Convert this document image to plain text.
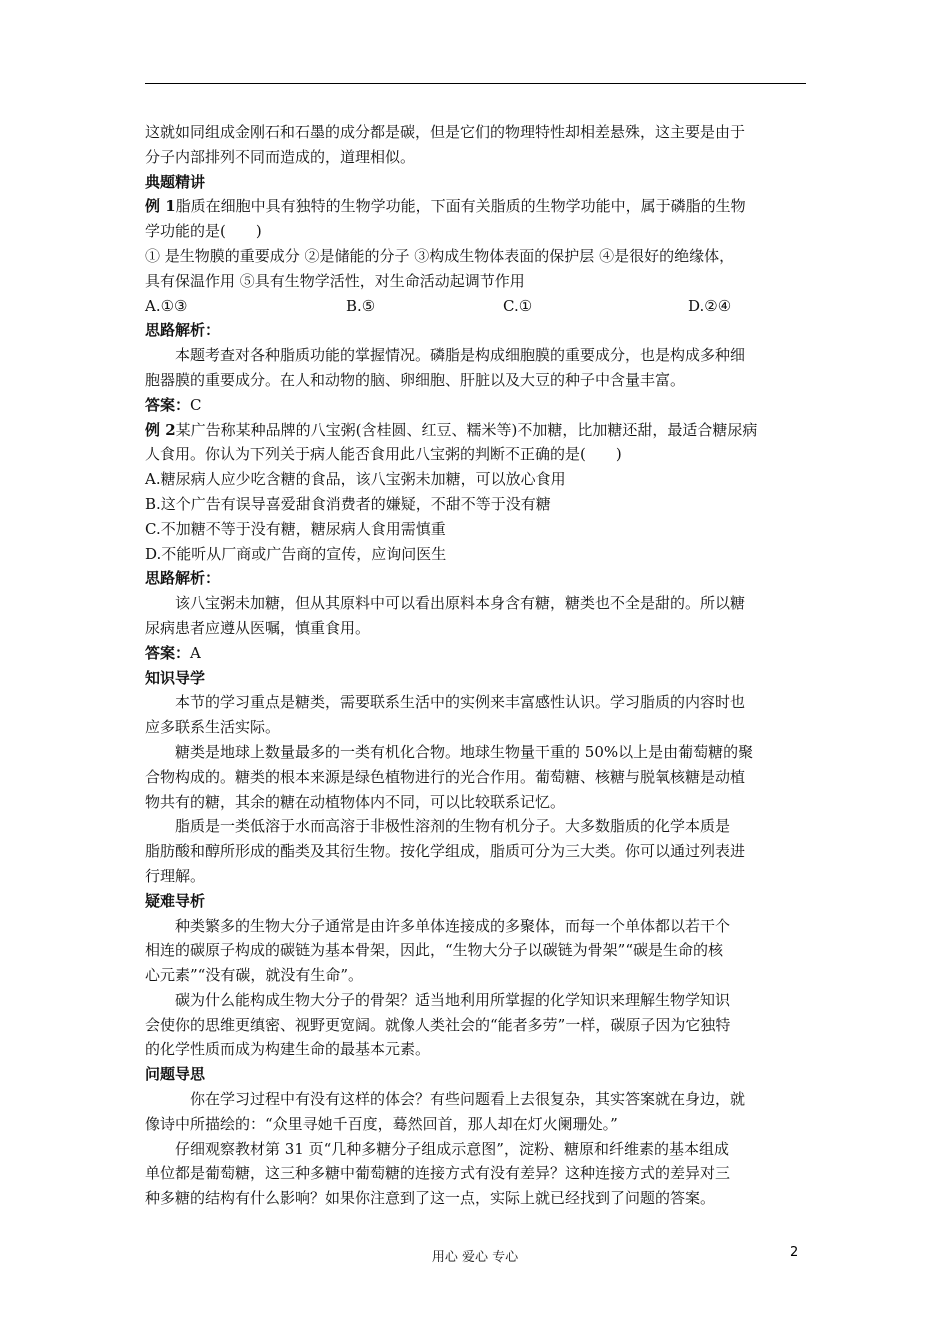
这就如同组成金刚石和石墨的成分都是碳，但是它们的物理特性却相差悬殊，这主要是由于

分子内部排列不同而造成的，道理相似。

典题精讲

例 1脂质在细胞中具有独特的生物学功能，下面有关脂质的生物学功能中，属于磷脂的生物

学功能的是(　　)

① 是生物膜的重要成分 ②是储能的分子 ③构成生物体表面的保护层 ④是很好的绝缘体，

具有保温作用 ⑤具有生物学活性，对生命活动起调节作用

A.①③	B.⑤	C.①	D.②④

思路解析：

本题考查对各种脂质功能的掌握情况。磷脂是构成细胞膜的重要成分，也是构成多种细

胞器膜的重要成分。在人和动物的脑、卵细胞、肝脏以及大豆的种子中含量丰富。

答案：C

例 2某广告称某种品牌的八宝粥(含桂圆、红豆、糯米等)不加糖，比加糖还甜，最适合糖尿病

人食用。你认为下列关于病人能否食用此八宝粥的判断不正确的是(　　)

A.糖尿病人应少吃含糖的食品，该八宝粥未加糖，可以放心食用

B.这个广告有误导喜爱甜食消费者的嫌疑，不甜不等于没有糖

C.不加糖不等于没有糖，糖尿病人食用需慎重

D.不能听从厂商或广告商的宣传，应询问医生

思路解析：

该八宝粥未加糖，但从其原料中可以看出原料本身含有糖，糖类也不全是甜的。所以糖

尿病患者应遵从医嘱，慎重食用。

答案：A

知识导学

本节的学习重点是糖类，需要联系生活中的实例来丰富感性认识。学习脂质的内容时也

应多联系生活实际。

糖类是地球上数量最多的一类有机化合物。地球生物量干重的 50%以上是由葡萄糖的聚

合物构成的。糖类的根本来源是绿色植物进行的光合作用。葡萄糖、核糖与脱氧核糖是动植

物共有的糖，其余的糖在动植物体内不同，可以比较联系记忆。

脂质是一类低溶于水而高溶于非极性溶剂的生物有机分子。大多数脂质的化学本质是

脂肪酸和醇所形成的酯类及其衍生物。按化学组成，脂质可分为三大类。你可以通过列表进

行理解。

疑难导析

种类繁多的生物大分子通常是由许多单体连接成的多聚体，而每一个单体都以若干个

相连的碳原子构成的碳链为基本骨架，因此，“生物大分子以碳链为骨架”“碳是生命的核

心元素”“没有碳，就没有生命”。

碳为什么能构成生物大分子的骨架？适当地利用所掌握的化学知识来理解生物学知识

会使你的思维更缜密、视野更宽阔。就像人类社会的“能者多劳”一样，碳原子因为它独特

的化学性质而成为构建生命的最基本元素。

问题导思

你在学习过程中有没有这样的体会？有些问题看上去很复杂，其实答案就在身边，就

像诗中所描绘的：“众里寻她千百度，蓦然回首，那人却在灯火阑珊处。”

仔细观察教材第 31 页“几种多糖分子组成示意图”，淀粉、糖原和纤维素的基本组成

单位都是葡萄糖，这三种多糖中葡萄糖的连接方式有没有差异？这种连接方式的差异对三

种多糖的结构有什么影响？如果你注意到了这一点，实际上就已经找到了问题的答案。

用心 爱心 专心	2
